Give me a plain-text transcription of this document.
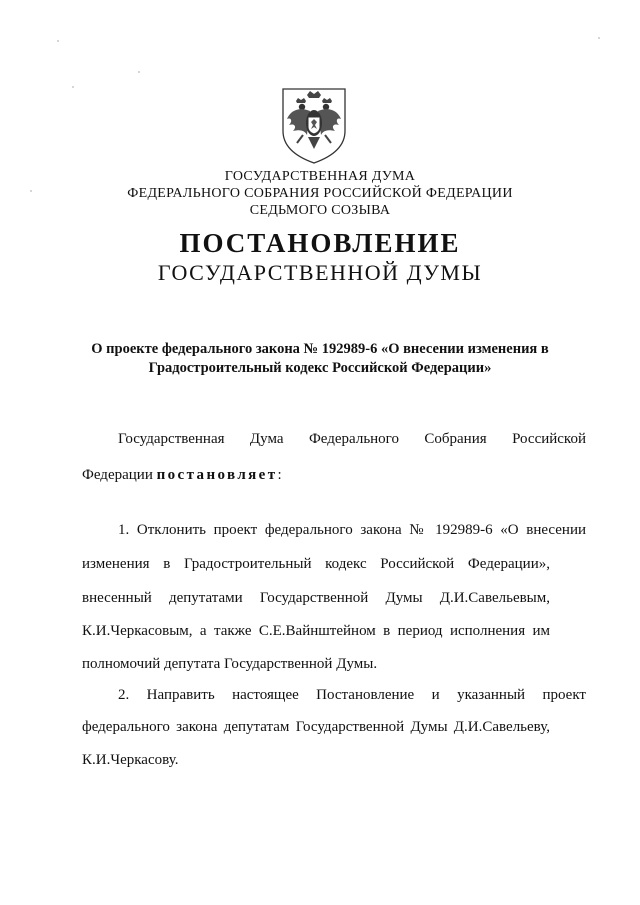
ГОСУДАРСТВЕННАЯ ДУМА
ФЕДЕРАЛЬНОГО СОБРАНИЯ РОССИЙСКОЙ ФЕДЕРАЦИИ
СЕДЬМОГО СОЗЫВА
ПОСТАНОВЛЕНИЕ
ГОСУДАРСТВЕННОЙ ДУМЫ
О проекте федерального закона № 192989-6 «О внесении изменения в
Градостроительный кодекс Российской Федерации»
Государственная Дума Федерального Собрания Российской
Федерации постановляет:
1. Отклонить проект федерального закона № 192989-6 «О внесении
изменения в Градостроительный кодекс Российской Федерации»,
внесенный депутатами Государственной Думы Д.И.Савельевым,
К.И.Черкасовым, а также С.Е.Вайнштейном в период исполнения им
полномочий депутата Государственной Думы.
2. Направить настоящее Постановление и указанный проект
федерального закона депутатам Государственной Думы Д.И.Савельеву,
К.И.Черкасову.
